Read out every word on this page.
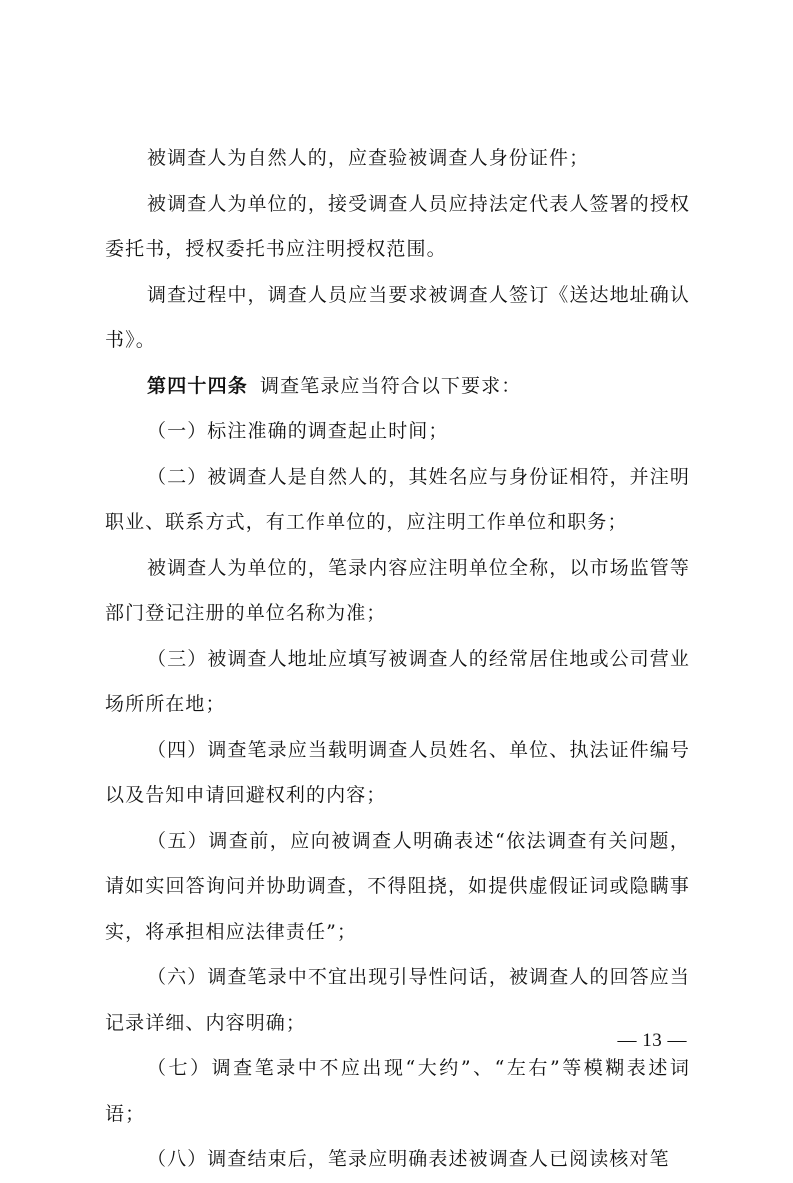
被调查人为自然人的，应查验被调查人身份证件；

被调查人为单位的，接受调查人员应持法定代表人签署的授权委托书，授权委托书应注明授权范围。

调查过程中，调查人员应当要求被调查人签订《送达地址确认书》。

第四十四条 调查笔录应当符合以下要求：

（一）标注准确的调查起止时间；

（二）被调查人是自然人的，其姓名应与身份证相符，并注明职业、联系方式，有工作单位的，应注明工作单位和职务；

被调查人为单位的，笔录内容应注明单位全称，以市场监管等部门登记注册的单位名称为准；

（三）被调查人地址应填写被调查人的经常居住地或公司营业场所所在地；

（四）调查笔录应当载明调查人员姓名、单位、执法证件编号以及告知申请回避权利的内容；

（五）调查前，应向被调查人明确表述“依法调查有关问题，请如实回答询问并协助调查，不得阻挠，如提供虚假证词或隐瞒事实，将承担相应法律责任”；

（六）调查笔录中不宜出现引导性问话，被调查人的回答应当记录详细、内容明确；

（七）调查笔录中不应出现“大约”、“左右”等模糊表述词语；

（八）调查结束后，笔录应明确表述被调查人已阅读核对笔

— 13 —
